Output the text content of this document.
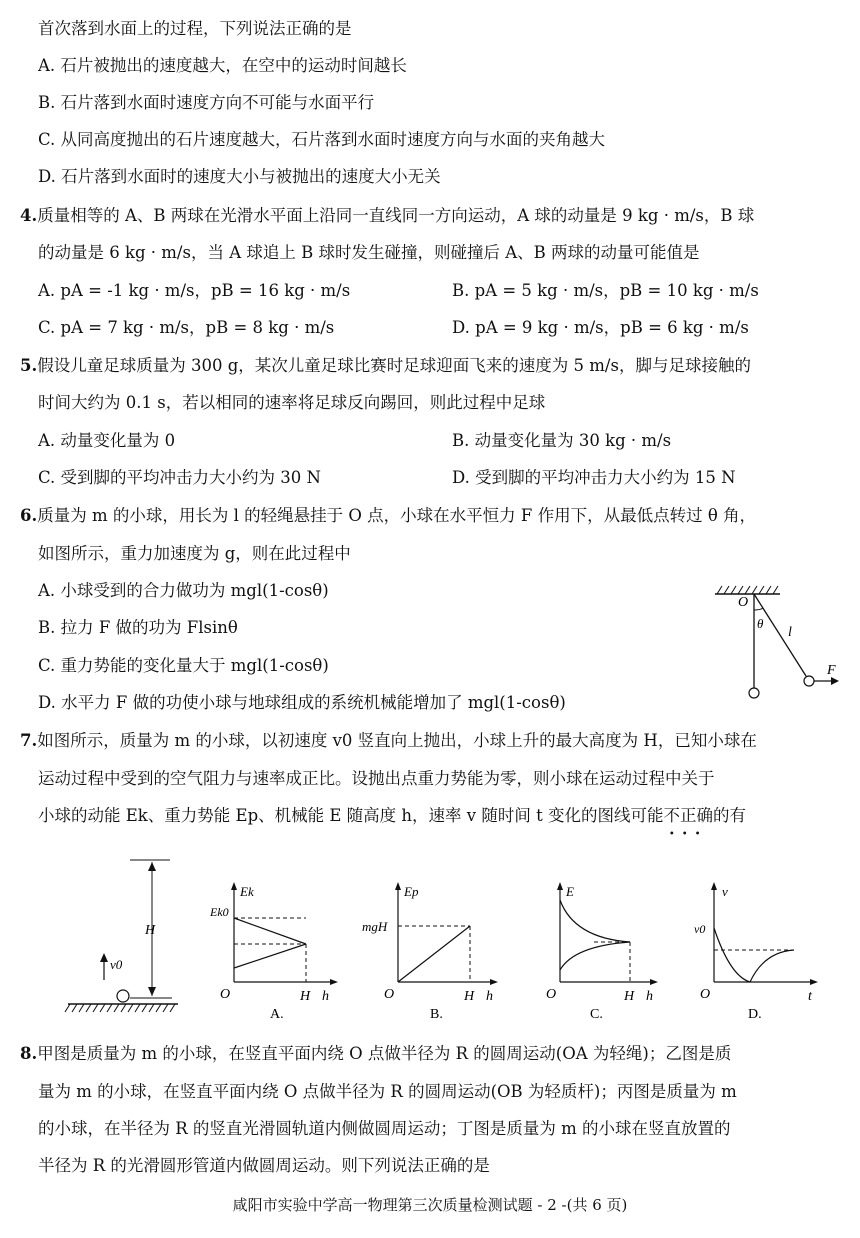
首次落到水面上的过程，下列说法正确的是
A. 石片被抛出的速度越大，在空中的运动时间越长
B. 石片落到水面时速度方向不可能与水面平行
C. 从同高度抛出的石片速度越大，石片落到水面时速度方向与水面的夹角越大
D. 石片落到水面时的速度大小与被抛出的速度大小无关
4.质量相等的 A、B 两球在光滑水平面上沿同一直线同一方向运动，A 球的动量是 9 kg · m/s，B 球
的动量是 6 kg · m/s，当 A 球追上 B 球时发生碰撞，则碰撞后 A、B 两球的动量可能值是
A. pA = -1 kg · m/s，pB = 16 kg · m/s	B. pA = 5 kg · m/s，pB = 10 kg · m/s
C. pA = 7 kg · m/s，pB = 8 kg · m/s	D. pA = 9 kg · m/s，pB = 6 kg · m/s
5.假设儿童足球质量为 300 g，某次儿童足球比赛时足球迎面飞来的速度为 5 m/s，脚与足球接触的
时间大约为 0.1 s，若以相同的速率将足球反向踢回，则此过程中足球
A. 动量变化量为 0	B. 动量变化量为 30 kg · m/s
C. 受到脚的平均冲击力大小约为 30 N	D. 受到脚的平均冲击力大小约为 15 N
6.质量为 m 的小球，用长为 l 的轻绳悬挂于 O 点，小球在水平恒力 F 作用下，从最低点转过 θ 角，
如图所示，重力加速度为 g，则在此过程中
A. 小球受到的合力做功为 mgl(1-cosθ)
B. 拉力 F 做的功为 Flsinθ
C. 重力势能的变化量大于 mgl(1-cosθ)
D. 水平力 F 做的功使小球与地球组成的系统机械能增加了 mgl(1-cosθ)
O
θ
l
F
7.如图所示，质量为 m 的小球，以初速度 v0 竖直向上抛出，小球上升的最大高度为 H，已知小球在
运动过程中受到的空气阻力与速率成正比。设抛出点重力势能为零，则小球在运动过程中关于
小球的动能 Ek、重力势能 Ep、机械能 E 随高度 h，速率 v 随时间 t 变化的图线可能不正确
•••
的有
H
v0
Ek
Ek0
O	H h
A.
Ep
mgH
O	H h
B.
E
O	H h
C.
v
v0
O	t
D.
8.甲图是质量为 m 的小球，在竖直平面内绕 O 点做半径为 R 的圆周运动(OA 为轻绳)；乙图是质
量为 m 的小球，在竖直平面内绕 O 点做半径为 R 的圆周运动(OB 为轻质杆)；丙图是质量为 m
的小球，在半径为 R 的竖直光滑圆轨道内侧做圆周运动；丁图是质量为 m 的小球在竖直放置的
半径为 R 的光滑圆形管道内做圆周运动。则下列说法正确的是
咸阳市实验中学高一物理第三次质量检测试题 - 2 -(共 6 页)
